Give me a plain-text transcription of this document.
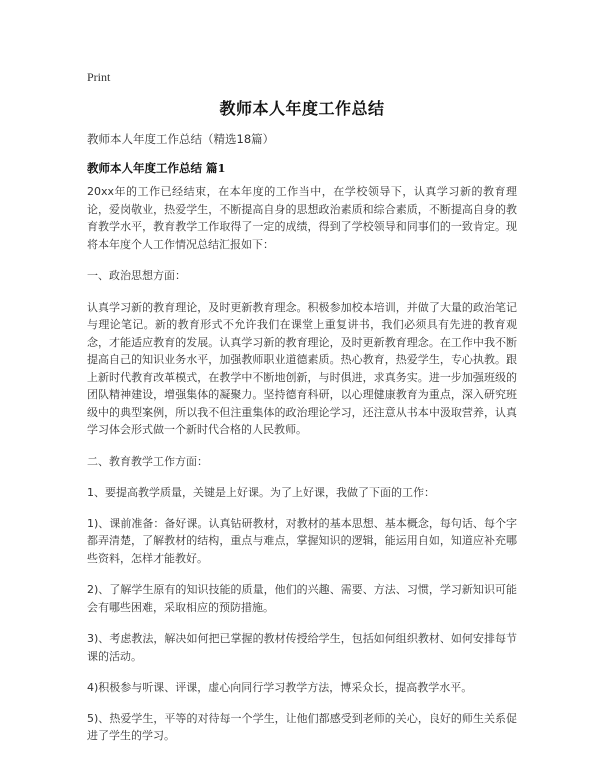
Print
教师本人年度工作总结
教师本人年度工作总结（精选18篇）
教师本人年度工作总结 篇1

20xx年的工作已经结束，在本年度的工作当中，在学校领导下，认真学习新的教育理论，爱岗敬业，热爱学生，不断提高自身的思想政治素质和综合素质，不断提高自身的教育教学水平，教育教学工作取得了一定的成绩，得到了学校领导和同事们的一致肯定。现将本年度个人工作情况总结汇报如下：

一、政治思想方面：

认真学习新的教育理论，及时更新教育理念。积极参加校本培训，并做了大量的政治笔记与理论笔记。新的教育形式不允许我们在课堂上重复讲书，我们必须具有先进的教育观念，才能适应教育的发展。认真学习新的教育理论，及时更新教育理念。在工作中我不断提高自己的知识业务水平，加强教师职业道德素质。热心教育，热爱学生，专心执教。跟上新时代教育改革模式，在教学中不断地创新，与时俱进，求真务实。进一步加强班级的团队精神建设，增强集体的凝聚力。坚持德育科研，以心理健康教育为重点，深入研究班级中的典型案例，所以我不但注重集体的政治理论学习，还注意从书本中汲取营养，认真学习体会形式做一个新时代合格的人民教师。

二、教育教学工作方面：

1、要提高教学质量，关键是上好课。为了上好课，我做了下面的工作：

1)、课前准备：备好课。认真钻研教材，对教材的基本思想、基本概念，每句话、每个字都弄清楚，了解教材的结构，重点与难点，掌握知识的逻辑，能运用自如，知道应补充哪些资料，怎样才能教好。

2)、了解学生原有的知识技能的质量，他们的兴趣、需要、方法、习惯，学习新知识可能会有哪些困难，采取相应的预防措施。

3)、考虑教法，解决如何把已掌握的教材传授给学生，包括如何组织教材、如何安排每节课的活动。

4)积极参与听课、评课，虚心向同行学习教学方法，博采众长，提高教学水平。

5)、热爱学生，平等的对待每一个学生，让他们都感受到老师的关心，良好的师生关系促进了学生的学习。
